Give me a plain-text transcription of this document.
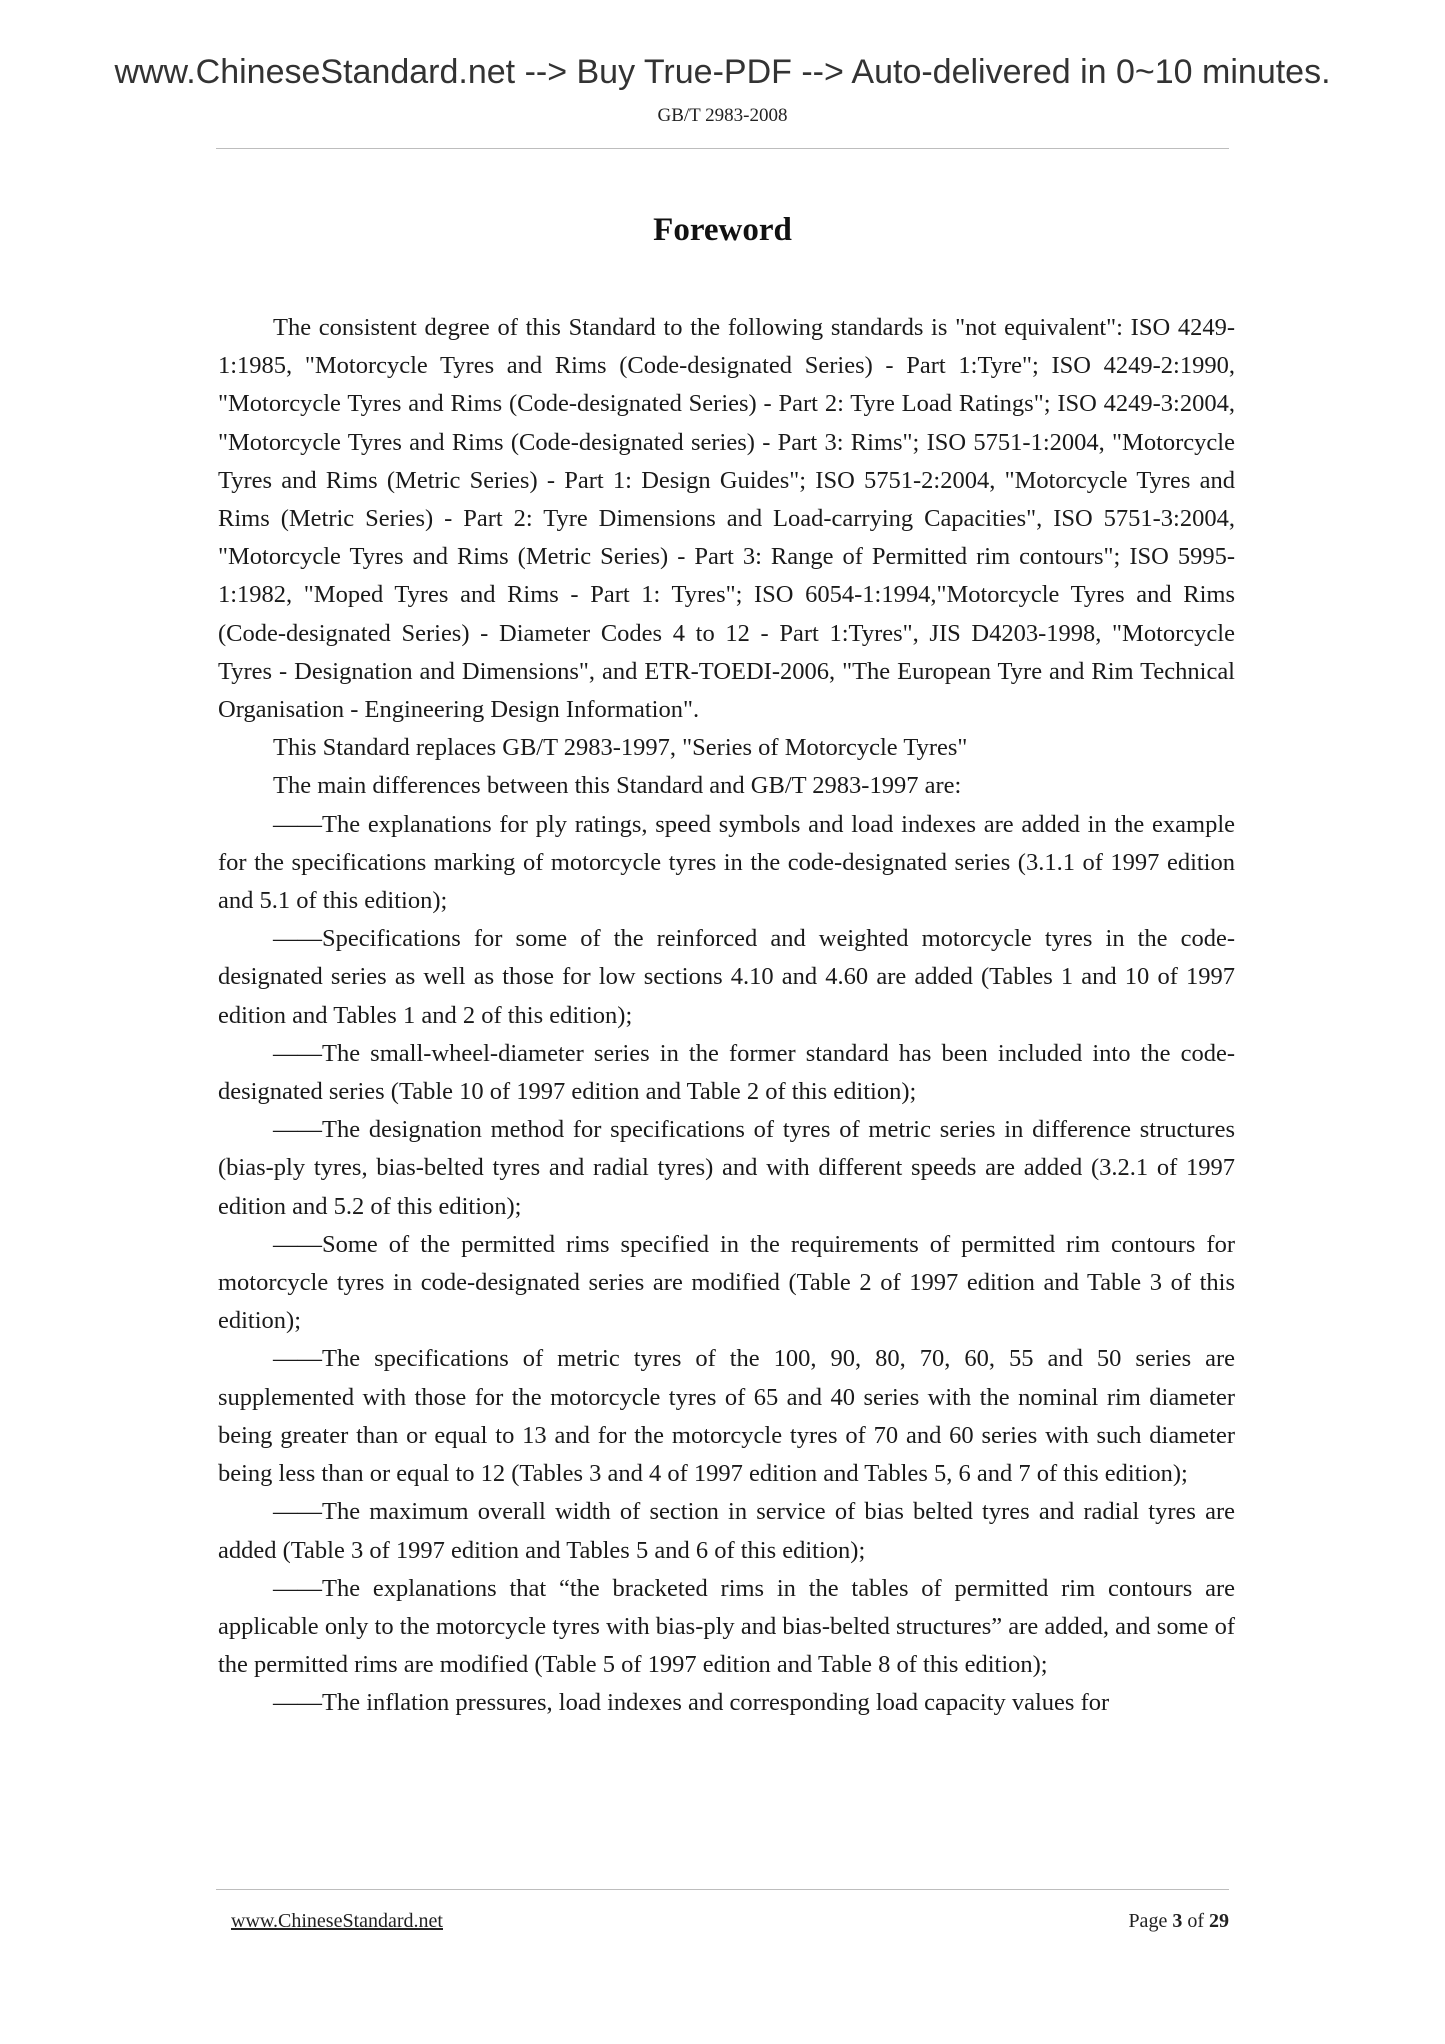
www.ChineseStandard.net --> Buy True-PDF --> Auto-delivered in 0~10 minutes.
GB/T 2983-2008
Foreword

The consistent degree of this Standard to the following standards is "not equivalent": ISO 4249-1:1985, "Motorcycle Tyres and Rims (Code-designated Series) - Part 1:Tyre"; ISO 4249-2:1990, "Motorcycle Tyres and Rims (Code-designated Series) - Part 2: Tyre Load Ratings"; ISO 4249-3:2004, "Motorcycle Tyres and Rims (Code-designated series) - Part 3: Rims"; ISO 5751-1:2004, "Motorcycle Tyres and Rims (Metric Series) - Part 1: Design Guides"; ISO 5751-2:2004, "Motorcycle Tyres and Rims (Metric Series) - Part 2: Tyre Dimensions and Load-carrying Capacities", ISO 5751-3:2004, "Motorcycle Tyres and Rims (Metric Series) - Part 3: Range of Permitted rim contours"; ISO 5995-1:1982, "Moped Tyres and Rims - Part 1: Tyres"; ISO 6054-1:1994,"Motorcycle Tyres and Rims (Code-designated Series) - Diameter Codes 4 to 12 - Part 1:Tyres", JIS D4203-1998, "Motorcycle Tyres - Designation and Dimensions", and ETR-TOEDI-2006, "The European Tyre and Rim Technical Organisation - Engineering Design Information".

This Standard replaces GB/T 2983-1997, "Series of Motorcycle Tyres"

The main differences between this Standard and GB/T 2983-1997 are:

——The explanations for ply ratings, speed symbols and load indexes are added in the example for the specifications marking of motorcycle tyres in the code-designated series (3.1.1 of 1997 edition and 5.1 of this edition);

——Specifications for some of the reinforced and weighted motorcycle tyres in the code-designated series as well as those for low sections 4.10 and 4.60 are added (Tables 1 and 10 of 1997 edition and Tables 1 and 2 of this edition);

——The small-wheel-diameter series in the former standard has been included into the code-designated series (Table 10 of 1997 edition and Table 2 of this edition);

——The designation method for specifications of tyres of metric series in difference structures (bias-ply tyres, bias-belted tyres and radial tyres) and with different speeds are added (3.2.1 of 1997 edition and 5.2 of this edition);

——Some of the permitted rims specified in the requirements of permitted rim contours for motorcycle tyres in code-designated series are modified (Table 2 of 1997 edition and Table 3 of this edition);

——The specifications of metric tyres of the 100, 90, 80, 70, 60, 55 and 50 series are supplemented with those for the motorcycle tyres of 65 and 40 series with the nominal rim diameter being greater than or equal to 13 and for the motorcycle tyres of 70 and 60 series with such diameter being less than or equal to 12 (Tables 3 and 4 of 1997 edition and Tables 5, 6 and 7 of this edition);

——The maximum overall width of section in service of bias belted tyres and radial tyres are added (Table 3 of 1997 edition and Tables 5 and 6 of this edition);

——The explanations that “the bracketed rims in the tables of permitted rim contours are applicable only to the motorcycle tyres with bias-ply and bias-belted structures” are added, and some of the permitted rims are modified (Table 5 of 1997 edition and Table 8 of this edition);

——The inflation pressures, load indexes and corresponding load capacity values for

www.ChineseStandard.net	Page 3 of 29
